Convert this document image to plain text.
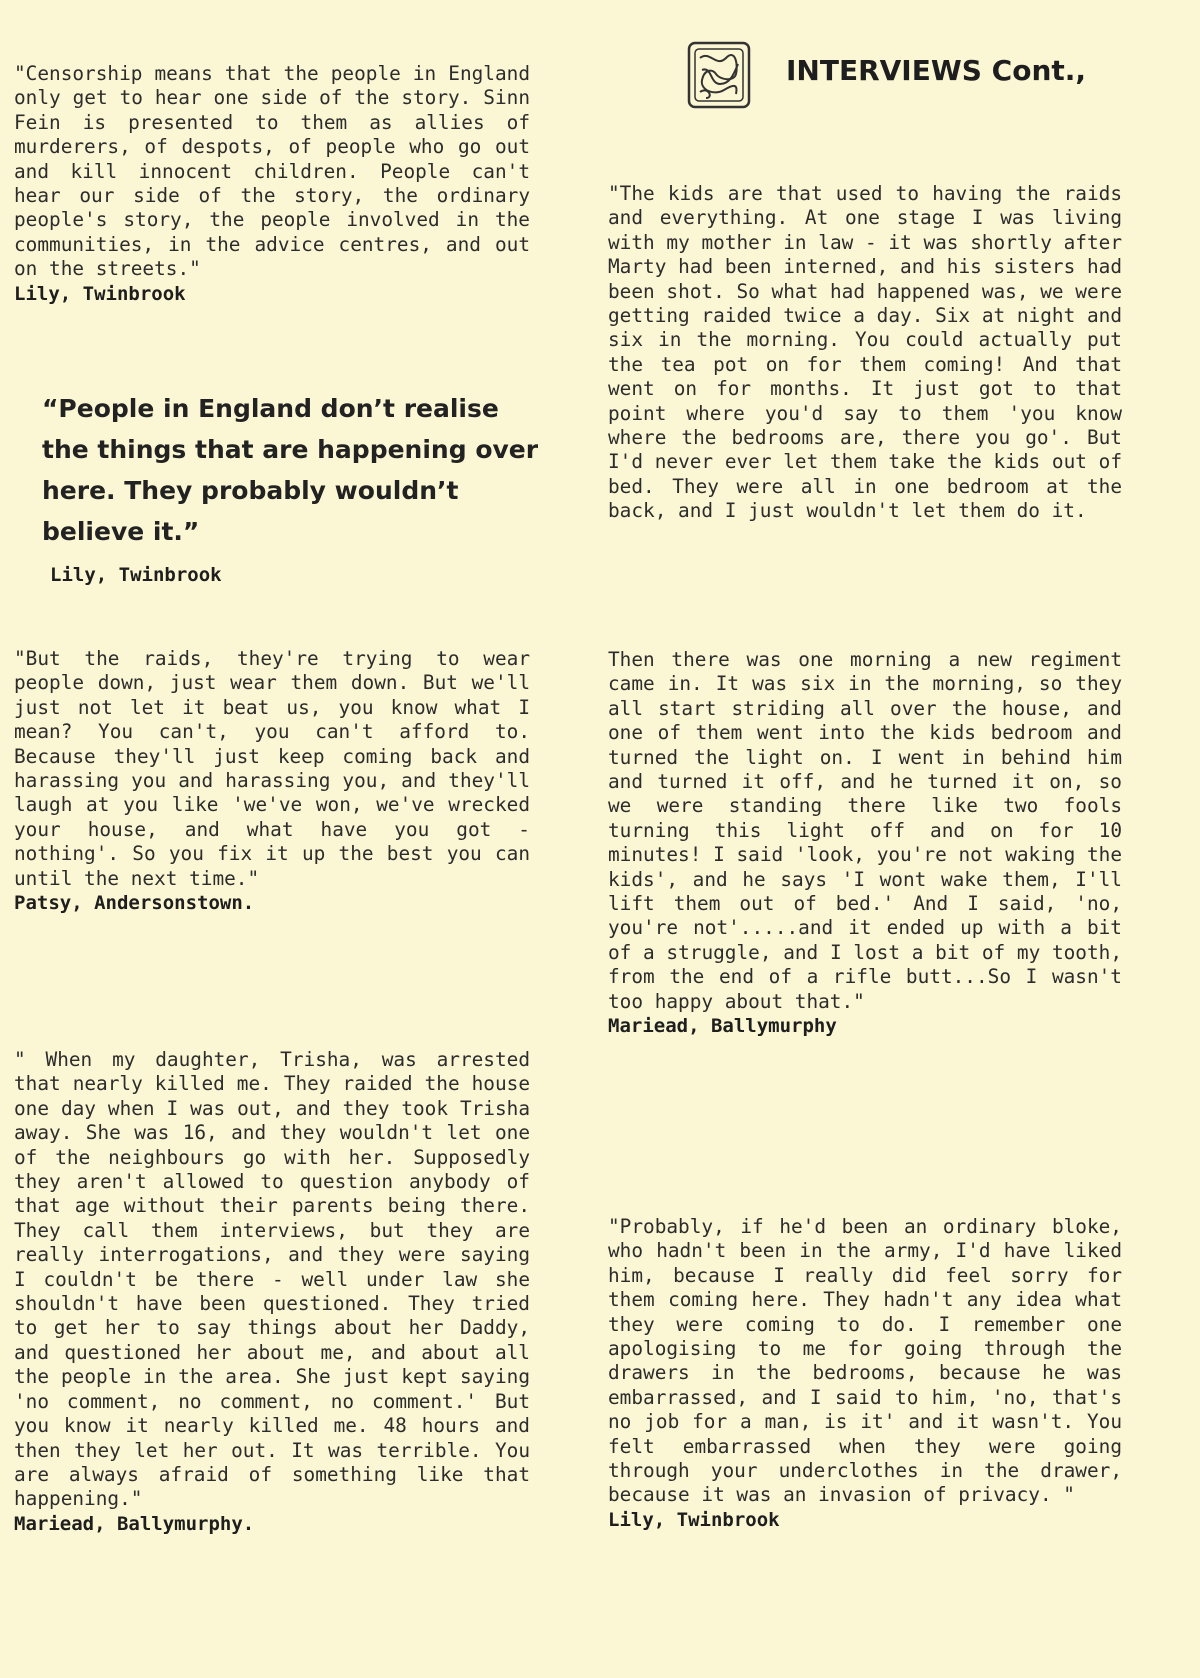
INTERVIEWS Cont.,

"Censorship means that the people in England only get to hear one side of the story. Sinn Fein is presented to them as allies of murderers, of despots, of people who go out and kill innocent children. People can't hear our side of the story, the ordinary people's story, the people involved in the communities, in the advice centres, and out on the streets."

Lily, Twinbrook

“People in England don’t realise the things that are happening over here. They probably wouldn’t believe it.”

Lily, Twinbrook

"But the raids, they're trying to wear people down, just wear them down. But we'll just not let it beat us, you know what I mean? You can't, you can't afford to. Because they'll just keep coming back and harassing you and harassing you, and they'll laugh at you like 'we've won, we've wrecked your house, and what have you got - nothing'. So you fix it up the best you can until the next time."

Patsy, Andersonstown.

" When my daughter, Trisha, was arrested that nearly killed me. They raided the house one day when I was out, and they took Trisha away. She was 16, and they wouldn't let one of the neighbours go with her. Supposedly they aren't allowed to question anybody of that age without their parents being there. They call them interviews, but they are really interrogations, and they were saying I couldn't be there - well under law she shouldn't have been questioned. They tried to get her to say things about her Daddy, and questioned her about me, and about all the people in the area. She just kept saying 'no comment, no comment, no comment.' But you know it nearly killed me. 48 hours and then they let her out. It was terrible. You are always afraid of something like that happening."

Mariead, Ballymurphy.

"The kids are that used to having the raids and everything. At one stage I was living with my mother in law - it was shortly after Marty had been interned, and his sisters had been shot. So what had happened was, we were getting raided twice a day. Six at night and six in the morning. You could actually put the tea pot on for them coming! And that went on for months. It just got to that point where you'd say to them 'you know where the bedrooms are, there you go'. But I'd never ever let them take the kids out of bed. They were all in one bedroom at the back, and I just wouldn't let them do it.

Then there was one morning a new regiment came in. It was six in the morning, so they all start striding all over the house, and one of them went into the kids bedroom and turned the light on. I went in behind him and turned it off, and he turned it on, so we were standing there like two fools turning this light off and on for 10 minutes! I said 'look, you're not waking the kids', and he says 'I wont wake them, I'll lift them out of bed.' And I said, 'no, you're not'.....and it ended up with a bit of a struggle, and I lost a bit of my tooth, from the end of a rifle butt...So I wasn't too happy about that."

Mariead, Ballymurphy

"Probably, if he'd been an ordinary bloke, who hadn't been in the army, I'd have liked him, because I really did feel sorry for them coming here. They hadn't any idea what they were coming to do. I remember one apologising to me for going through the drawers in the bedrooms, because he was embarrassed, and I said to him, 'no, that's no job for a man, is it' and it wasn't. You felt embarrassed when they were going through your underclothes in the drawer, because it was an invasion of privacy. "

Lily, Twinbrook
